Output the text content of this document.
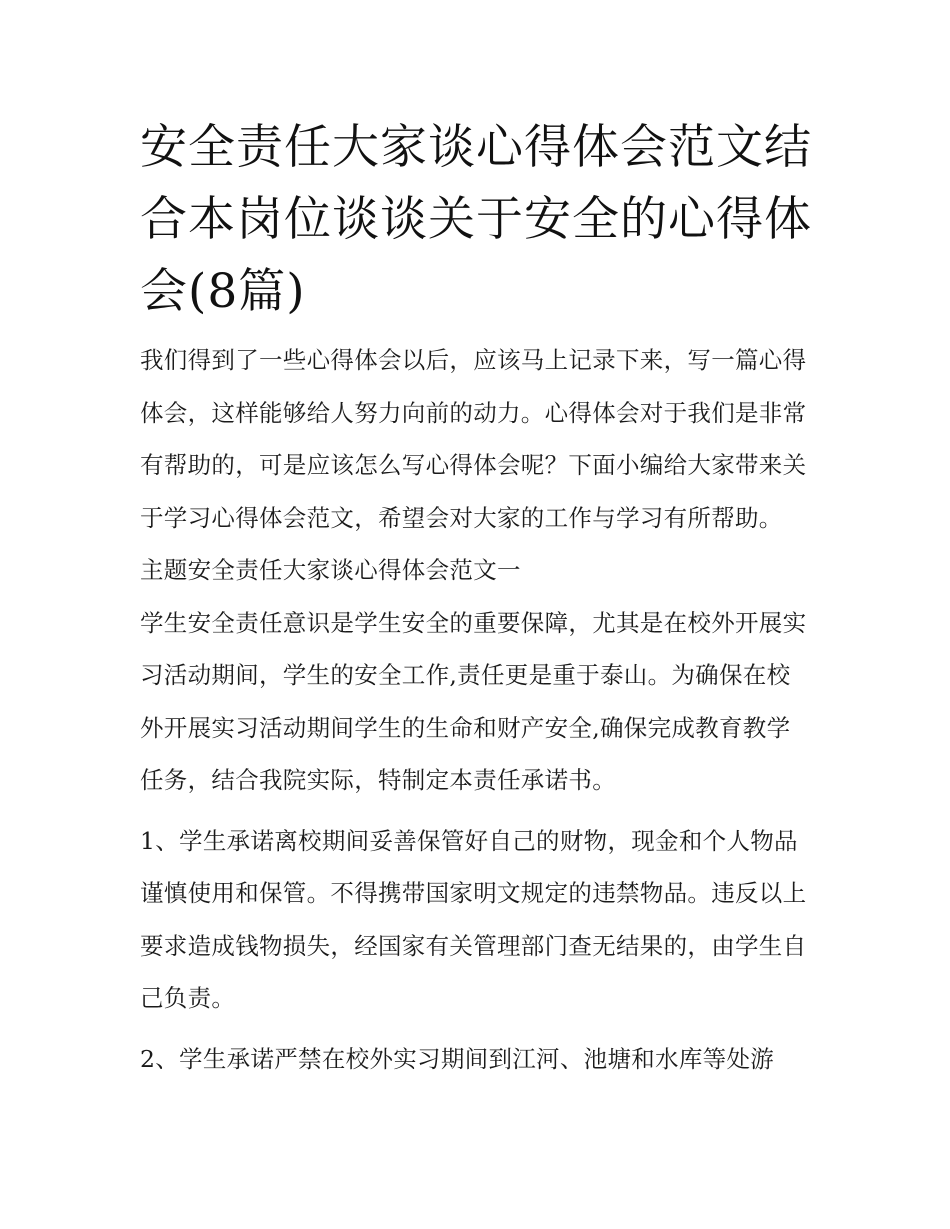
安全责任大家谈心得体会范文结合本岗位谈谈关于安全的心得体会(8篇)

我们得到了一些心得体会以后，应该马上记录下来，写一篇心得体会，这样能够给人努力向前的动力。心得体会对于我们是非常有帮助的，可是应该怎么写心得体会呢？下面小编给大家带来关于学习心得体会范文，希望会对大家的工作与学习有所帮助。

主题安全责任大家谈心得体会范文一

学生安全责任意识是学生安全的重要保障，尤其是在校外开展实习活动期间，学生的安全工作,责任更是重于泰山。为确保在校外开展实习活动期间学生的生命和财产安全,确保完成教育教学任务，结合我院实际，特制定本责任承诺书。

1、学生承诺离校期间妥善保管好自己的财物，现金和个人物品谨慎使用和保管。不得携带国家明文规定的违禁物品。违反以上要求造成钱物损失，经国家有关管理部门查无结果的，由学生自己负责。

2、学生承诺严禁在校外实习期间到江河、池塘和水库等处游
